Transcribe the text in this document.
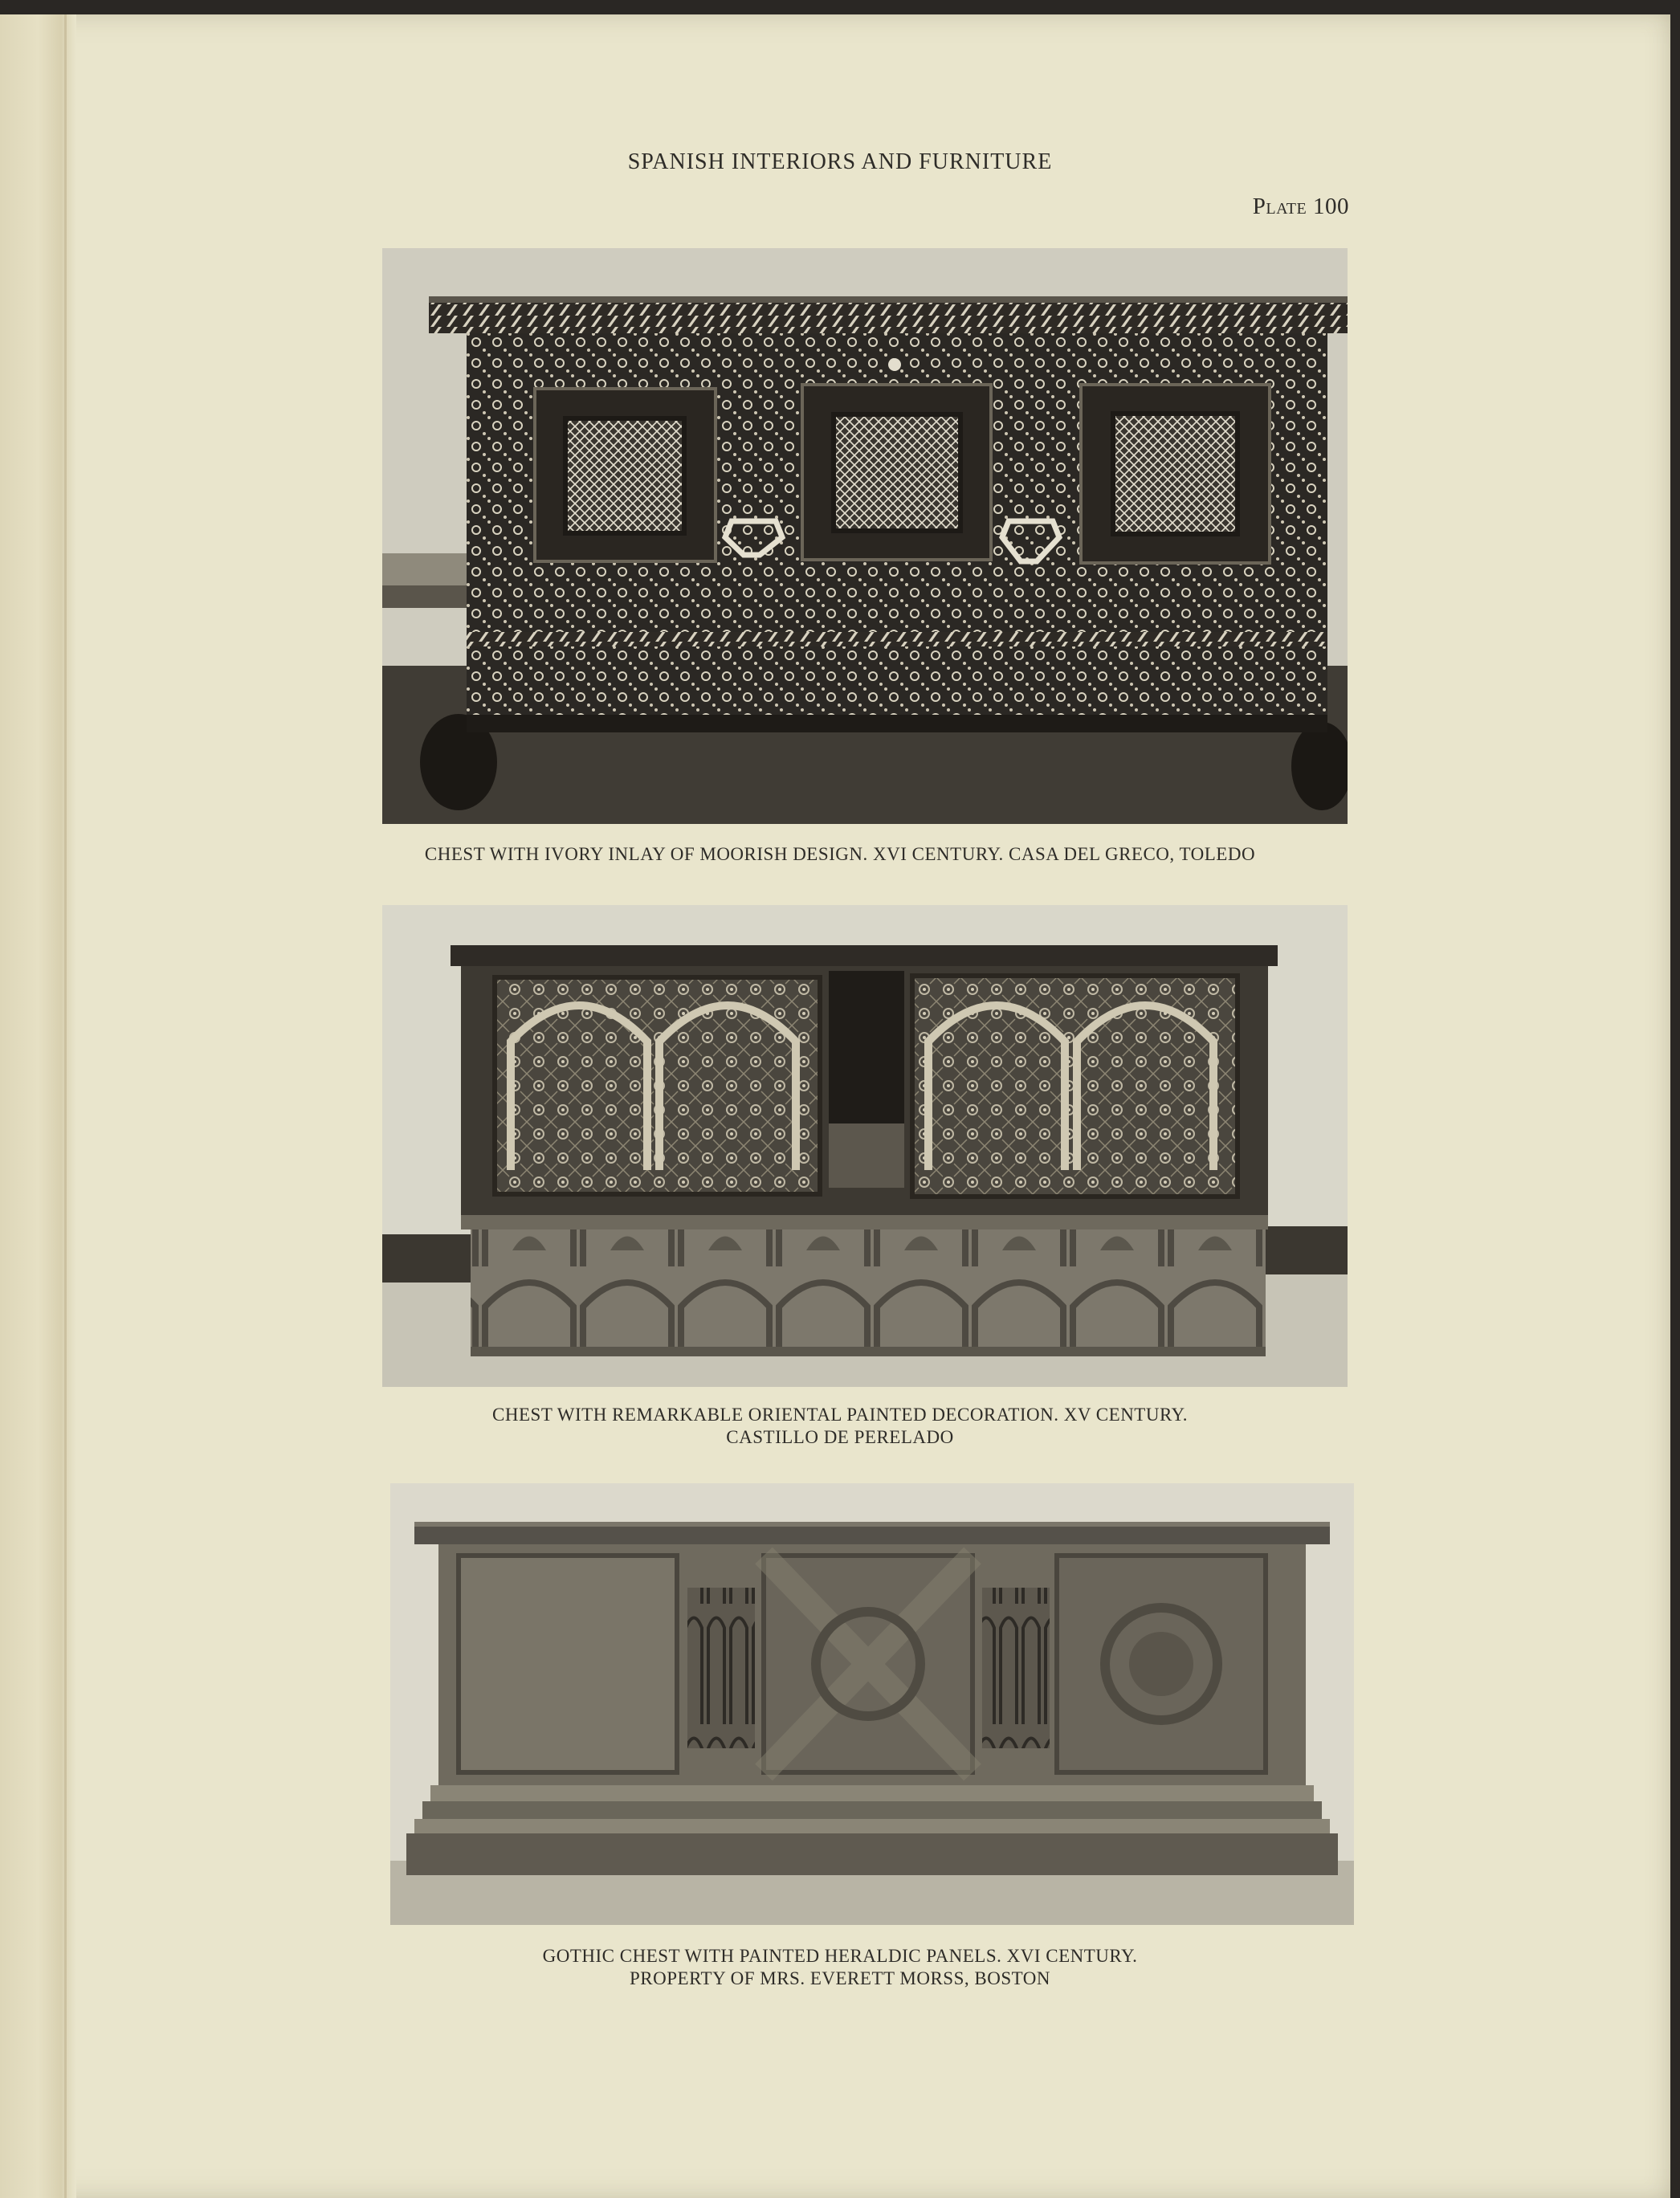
SPANISH INTERIORS AND FURNITURE
Plate 100
CHEST WITH IVORY INLAY OF MOORISH DESIGN. XVI CENTURY. CASA DEL GRECO, TOLEDO
CHEST WITH REMARKABLE ORIENTAL PAINTED DECORATION. XV CENTURY.
CASTILLO DE PERELADO
GOTHIC CHEST WITH PAINTED HERALDIC PANELS. XVI CENTURY.
PROPERTY OF MRS. EVERETT MORSS, BOSTON
